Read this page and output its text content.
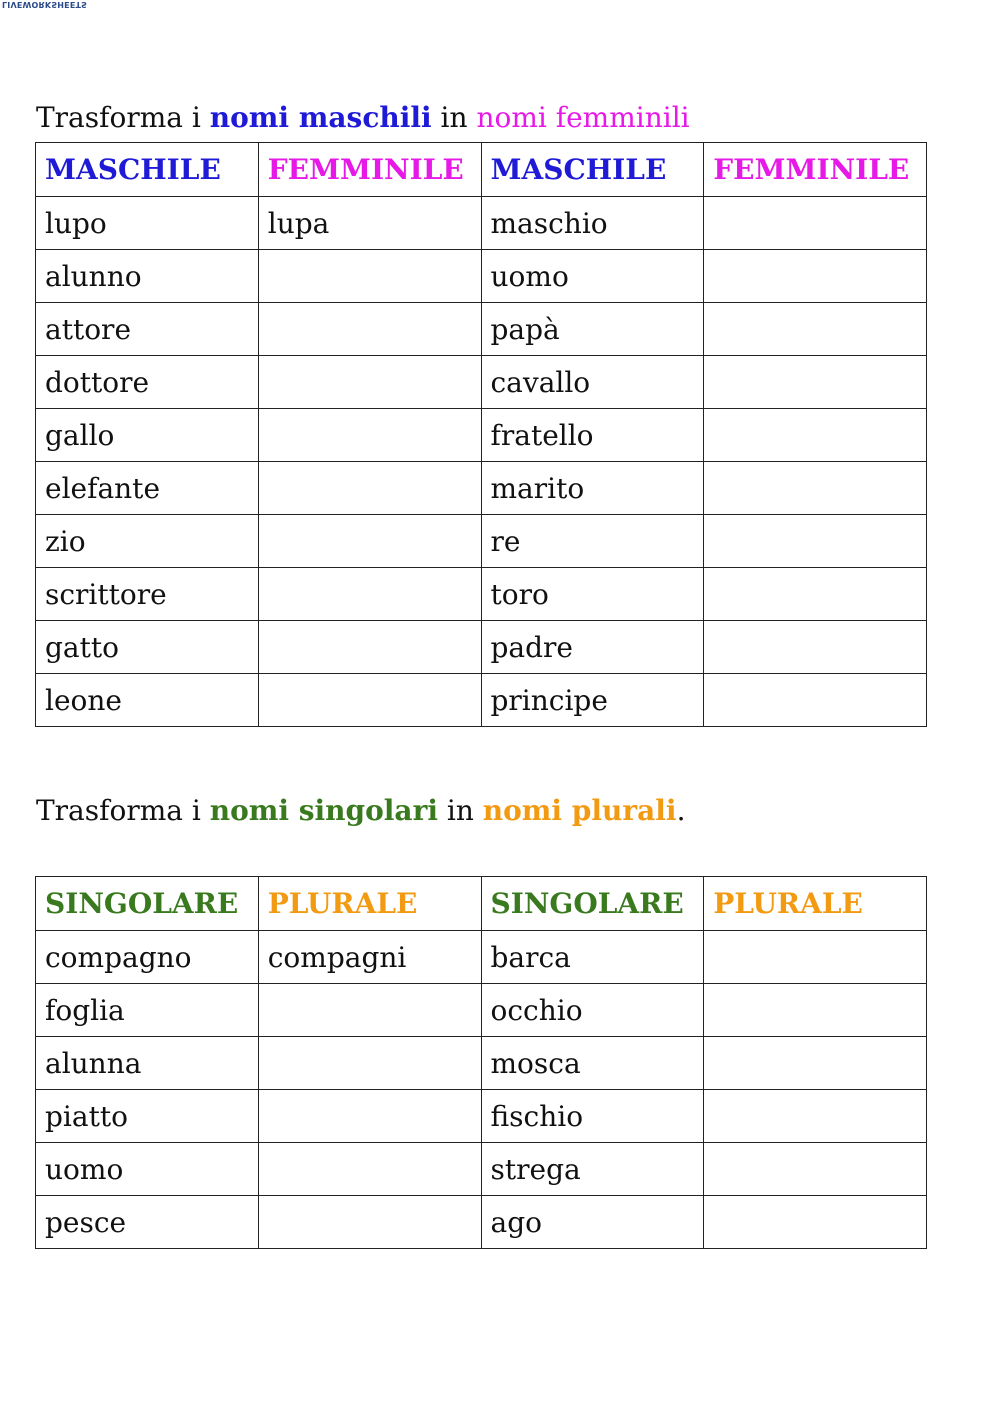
LIVEWORKSHEETS
Trasforma i nomi maschili in nomi femminili
MASCHILE	FEMMINILE	MASCHILE	FEMMINILE
lupo	lupa	maschio	
alunno		uomo	
attore		papà	
dottore		cavallo	
gallo		fratello	
elefante		marito	
zio		re	
scrittore		toro	
gatto		padre	
leone		principe	
Trasforma i nomi singolari in nomi plurali.
SINGOLARE	PLURALE	SINGOLARE	PLURALE
compagno	compagni	barca	
foglia		occhio	
alunna		mosca	
piatto		fischio	
uomo		strega	
pesce		ago	
